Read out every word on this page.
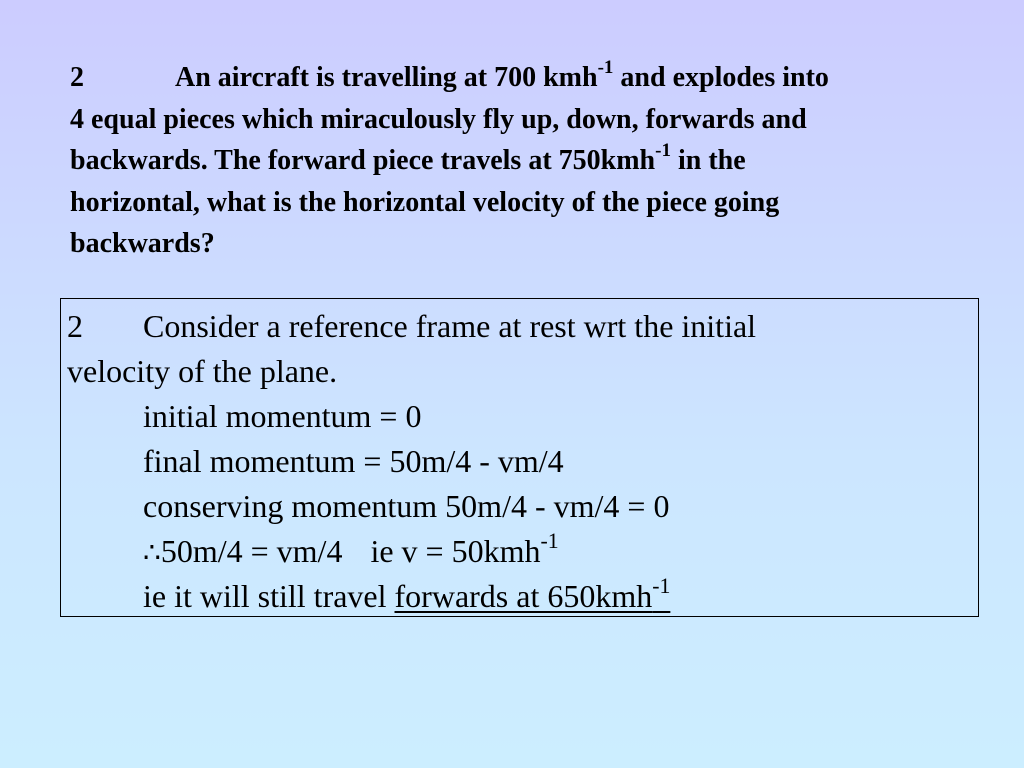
2	An aircraft is travelling at 700 kmh$^{-1}$ and explodes into
4 equal pieces which miraculously fly up, down, forwards and
backwards. The forward piece travels at 750kmh$^{-1}$ in the
horizontal, what is the horizontal velocity of the piece going
backwards?
2 Consider a reference frame at rest wrt the initial
velocity of the plane.
initial momentum = 0
final momentum = 50m/4 - vm/4
conserving momentum 50m/4 - vm/4 = 0
∴50m/4 = vm/4 ie v = 50kmh$^{-1}$
ie it will still travel forwards at 650kmh$^{-1}$
